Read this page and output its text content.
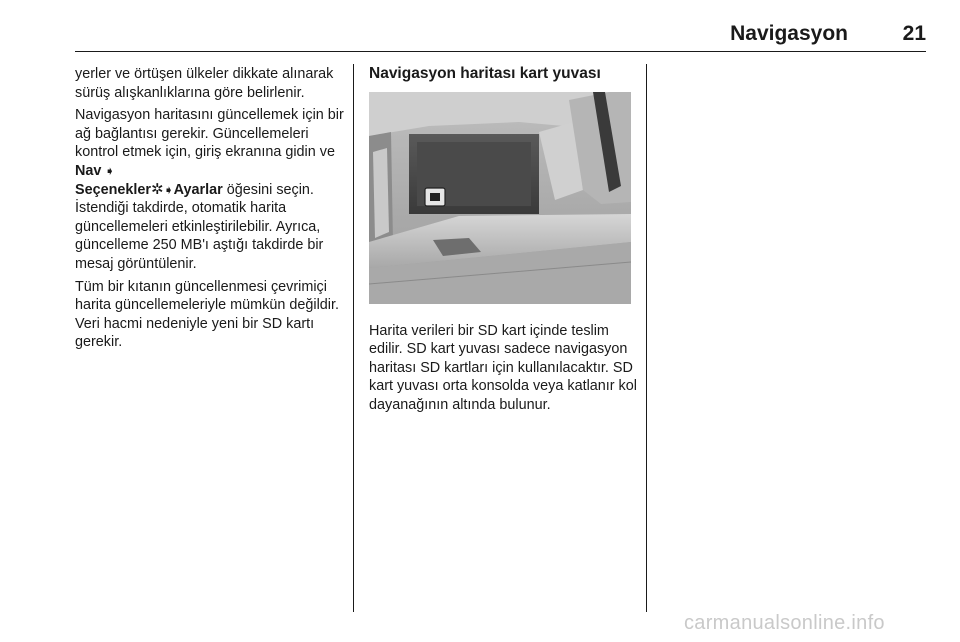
Navigasyon	21

yerler ve örtüşen ülkeler dikkate alınarak sürüş alışkanlıklarına göre belirlenir.

Navigasyon haritasını güncellemek için bir ağ bağlantısı gerekir. Güncellemeleri kontrol etmek için, giriş ekranına gidin ve Nav ➧ Seçenekler✲➧Ayarlar öğesini seçin. İstendiği takdirde, otomatik harita güncellemeleri etkinleştirilebilir. Ayrıca, güncelleme 250 MB'ı aştığı takdirde bir mesaj görüntülenir.

Tüm bir kıtanın güncellenmesi çevrimiçi harita güncellemeleriyle mümkün değildir. Veri hacmi nedeniyle yeni bir SD kartı gerekir.

Navigasyon haritası kart yuvası

Harita verileri bir SD kart içinde teslim edilir. SD kart yuvası sadece navigasyon haritası SD kartları için kullanılacaktır. SD kart yuvası orta konsolda veya katlanır kol dayanağının altında bulunur.

carmanualsonline.info
